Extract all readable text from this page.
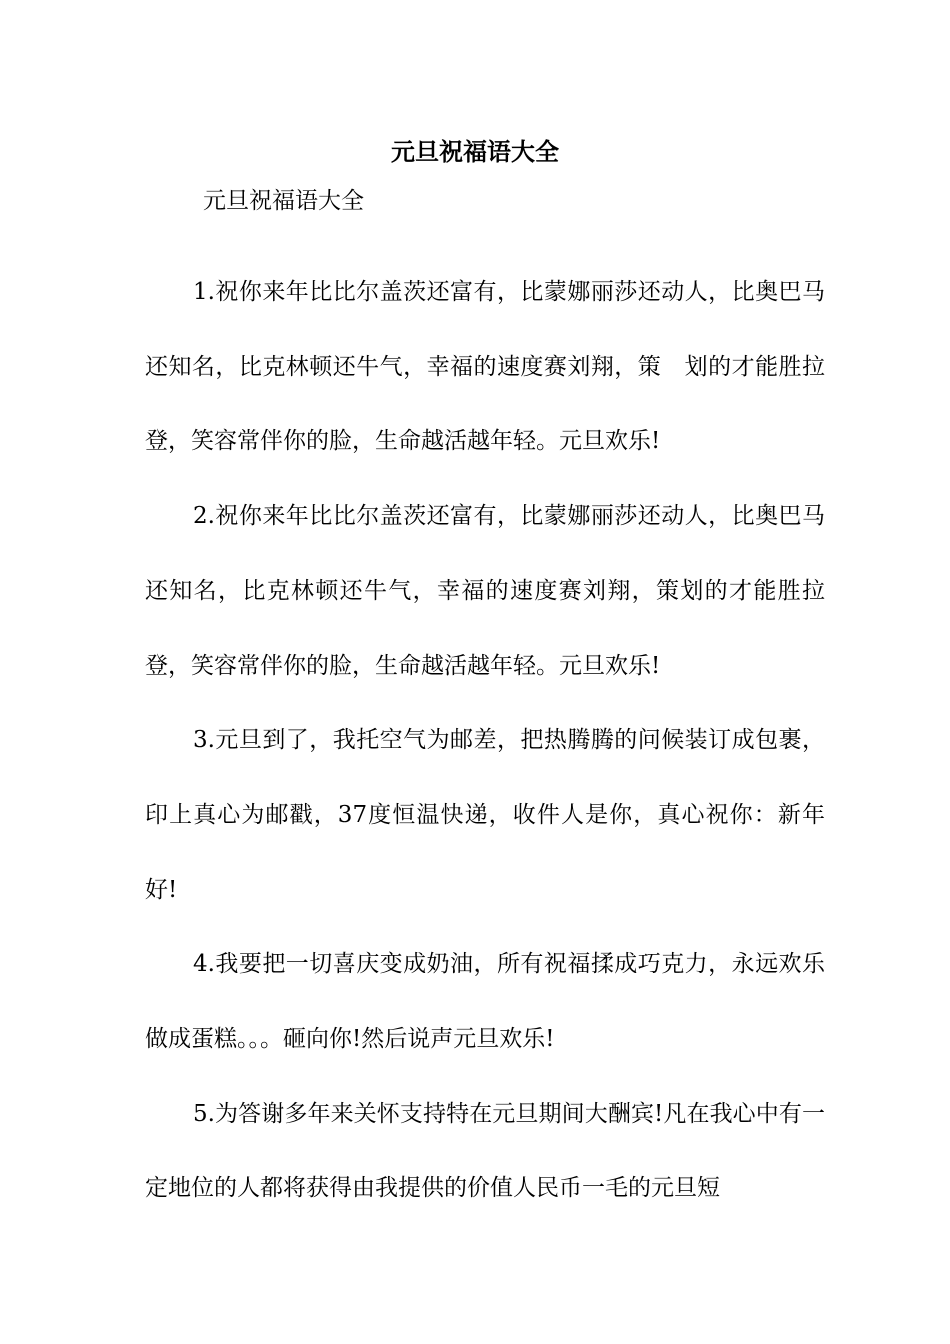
元旦祝福语大全

元旦祝福语大全

1.祝你来年比比尔盖茨还富有，比蒙娜丽莎还动人，比奥巴马还知名，比克林顿还牛气，幸福的速度赛刘翔，策　划的才能胜拉登，笑容常伴你的脸，生命越活越年轻。元旦欢乐!

2.祝你来年比比尔盖茨还富有，比蒙娜丽莎还动人，比奥巴马还知名，比克林顿还牛气，幸福的速度赛刘翔，策划的才能胜拉登，笑容常伴你的脸，生命越活越年轻。元旦欢乐!

3.元旦到了，我托空气为邮差，把热腾腾的问候装订成包裹，印上真心为邮戳，37度恒温快递，收件人是你，真心祝你：新年好!

4.我要把一切喜庆变成奶油，所有祝福揉成巧克力，永远欢乐做成蛋糕。。。砸向你!然后说声元旦欢乐!

5.为答谢多年来关怀支持特在元旦期间大酬宾!凡在我心中有一定地位的人都将获得由我提供的价值人民币一毛的元旦短
